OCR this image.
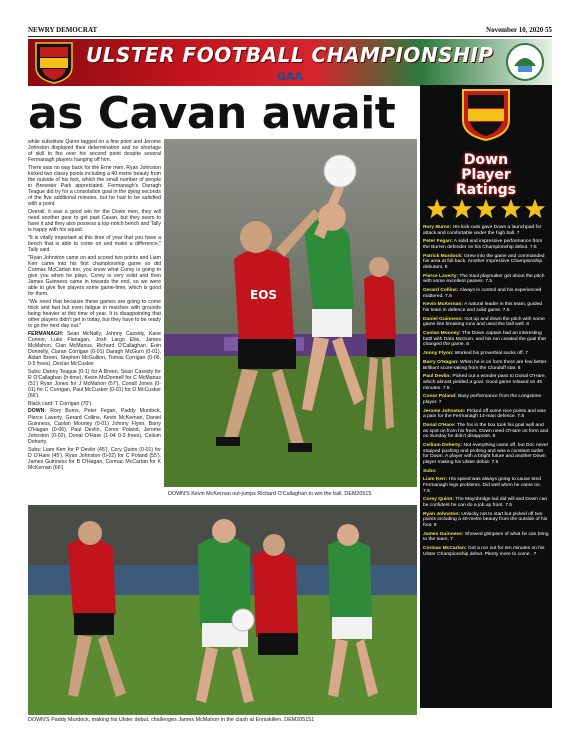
NEWRY DEMOCRAT	November 10, 2020 55
ULSTER FOOTBALL CHAMPIONSHIP
GAA
as Cavan await

while substitute Quinn tagged on a fine point and Jerome Johnston displayed their determination and no shortage of skill to fire over his second point despite several Fermanagh players hanging off him.

There was no way back for the Erne men, Ryan Johnston kicked two classy points including a 40-metre beauty from the outside of his foot, which the small number of people in Brewster Park appreciated. Fermanagh's Darragh Teague did try for a consolation goal in the dying seconds of the five additional minutes, but he had to be satisfied with a point.

Overall, it was a good win for the Down men, they will need another gear to get past Cavan, but they seem to have it and they also possess a top-notch bench and Tally is happy with his squad.

"It is vitally important at this time of year that you have a bench that is able to come on and make a difference," Tally said.

"Ryan Johnston came on and scored two points and Liam Kerr came into his first championship game so did Cormac McCartan too, you know what Corey is going to give you when he plays. Corey is very solid and then James Guinness came in towards the end, so we were able to give five players some game-time, which is good for them.

"We need that because these games are going to come thick and fast but even fatigue in matches with grounds being heavier at this time of year. It is disappointing that other players didn't get in today, but they have to be ready to go the next day out."

FERMANAGH: Sean McNally, Johnny Cassidy, Kane Connor, Luke Flanagan, Josh Largo Ellis, James McMahon, Cian McManus, Richard O'Callaghan, Eoin Donnelly, Ciaran Corrigan (0-01) Daragh McGurn (0-01), Aidan Breen, Stephen McGullion, Tomas Corrigan (0-06, 0-5 frees), Declan McCusker

Subs: Danny Teague (0-1) for A Breen, Sean Cassidy for R O'Callaghan (h-time), Kevin McDonnell for C McManus (51') Ryan Jones for J McMahon (57'), Conall Jones (0-01) for C Corrigan, Paul McCusker (0-01) for D McCusker (66').

Black card: T Corrigan (70').

DOWN: Rory Burns, Peter Fegan, Paddy Murdock, Pierce Laverty, Gerard Collins, Kevin McKernan, Daniel Guinness, Caolan Mooney (0-01) Johnny Flynn, Barry O'Hagan (0-06), Paul Devlin, Conor Poland, Jerome Johnston (0-02), Donal O'Hare (1-04 0-3 frees), Ceilum Doherty.

Subs: Liam Kerr for P Devlin (45'), Cory Quinn (0-01) for D O'Hare (45'), Ryan Johnston (0-02) for C Poland (55'), James Guinness for B O'Hagan, Cormac McCartan for K McKernan (66').

EOS
DOWN'S Kevin McKernan out-jumps Richard O'Callaghan to win the ball. DEM20515
DOWN'S Paddy Murdock, making his Ulster debut, challenges James McMahon in the clash at Enniskillen. DEM205151
Down
Player
Ratings
Rory Burns: His kick-outs gave Down a launchpad for attack and comfortable under the high ball. 7
Peter Fegan: A solid and impressive performance from the Burren defender on his Championship debut. 7.5
Patrick Murdock: Grew into the game and commanded his area at full back. Another impressive Championship debutant. 8
Pierce Laverty: The Saul playmaker got about the pitch with some excellent passes. 7.5
Gerard Collins: Always in control and his experienced mattered. 7.5
Kevin McKernan: A natural leader in this team, guided his team in defence and solid game. 7.5
Daniel Guinness: Got up and down the pitch with some game line breaking runs and used the ball well. 8
Caolan Mooney: The Down captain had an interesting battl with Dara McGurn, and his run created the goal that changed the game. 8
Jonny Flynn: Worked his proverbial socks off. 7
Barry O'Hagan: When he is on form there are few better. Brilliant score-taking from the Clonduff star. 8
Paul Devlin: Picked out a wonder pass to Donal O'Hare, which almost yielded a goal. Good game relaxed on 45 minutes. 7.5
Conor Poland: Busy performance from the Longstone player. 7
Jerome Johnston: Picked off some nice points and was a pain for the Fermanagh 14-man defence. 7.5
Donal O'Hare: The fox in the box took his goal well and as spot on from his frees. Down need O'Hare on form and on Sunday he didn't disappoint. 8
Ceilium Doherty: Not everything came off, but Doc never stopped pushing and probing and was a constant outlet for Down. A player with a bright future and another Down player making his Ulster debut. 7.5
Subs:
Liam Kerr: His speed was always going to cause tired Fermanagh legs problems. Did well when he came on. 7.5
Corey Quinn: The Mayobridge lad did will and Down can be confident he can do a job up front. 7.5
Ryan Johnston: Unlucky not to start but picked off two points including a 40-metre beauty from the outside of his foot. 8
James Guinness: Showed glimpses of what he can bring to the team. 7
Cormac McCartan: Got a run out for ten minutes on his Ulster Championship debut. Plenty more to come . 7
